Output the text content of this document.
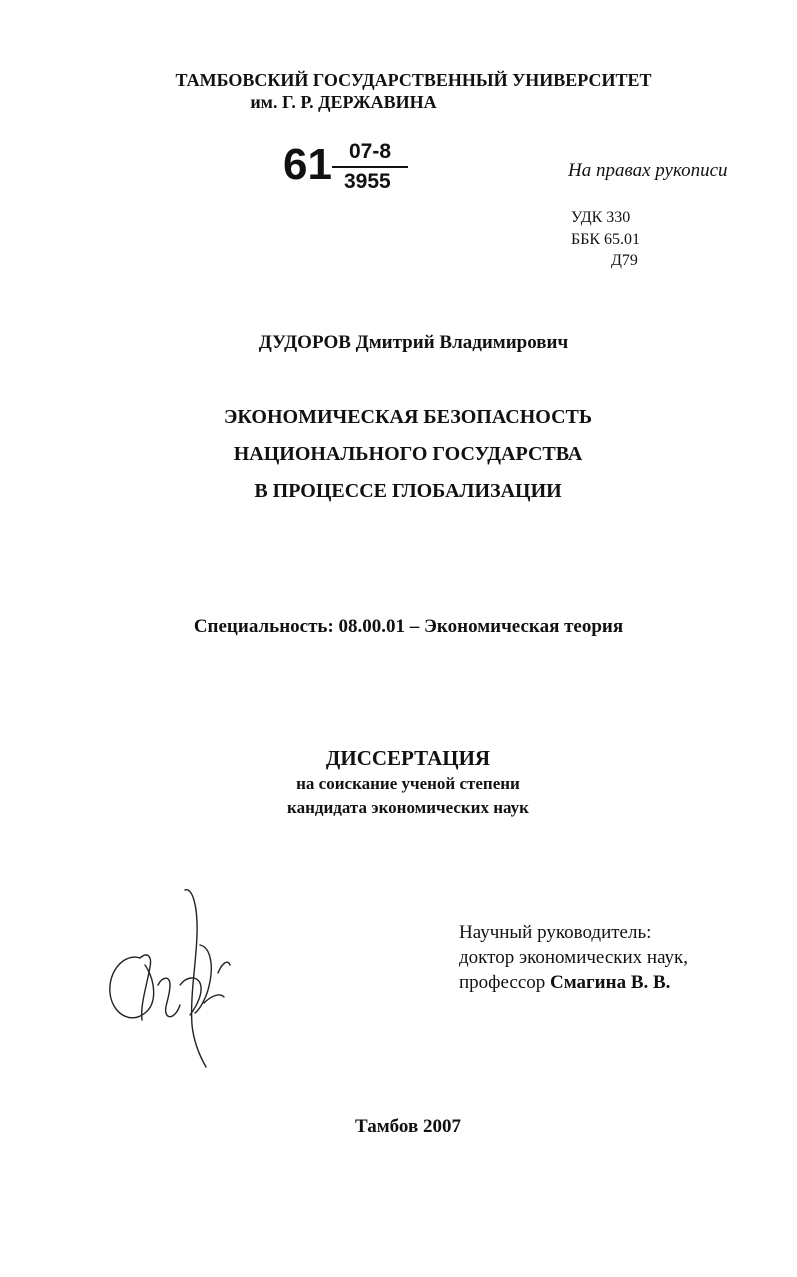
ТАМБОВСКИЙ ГОСУДАРСТВЕННЫЙ УНИВЕРСИТЕТ
им. Г. Р. ДЕРЖАВИНА
61 07-8
3955	На правах рукописи
УДК 330
ББК 65.01
Д79
ДУДОРОВ Дмитрий Владимирович
ЭКОНОМИЧЕСКАЯ БЕЗОПАСНОСТЬ
НАЦИОНАЛЬНОГО ГОСУДАРСТВА
В ПРОЦЕССЕ ГЛОБАЛИЗАЦИИ
Специальность: 08.00.01 – Экономическая теория
ДИССЕРТАЦИЯ
на соискание ученой степени
кандидата экономических наук
Научный руководитель:
доктор экономических наук,
профессор Смагина В. В.
Тамбов 2007
